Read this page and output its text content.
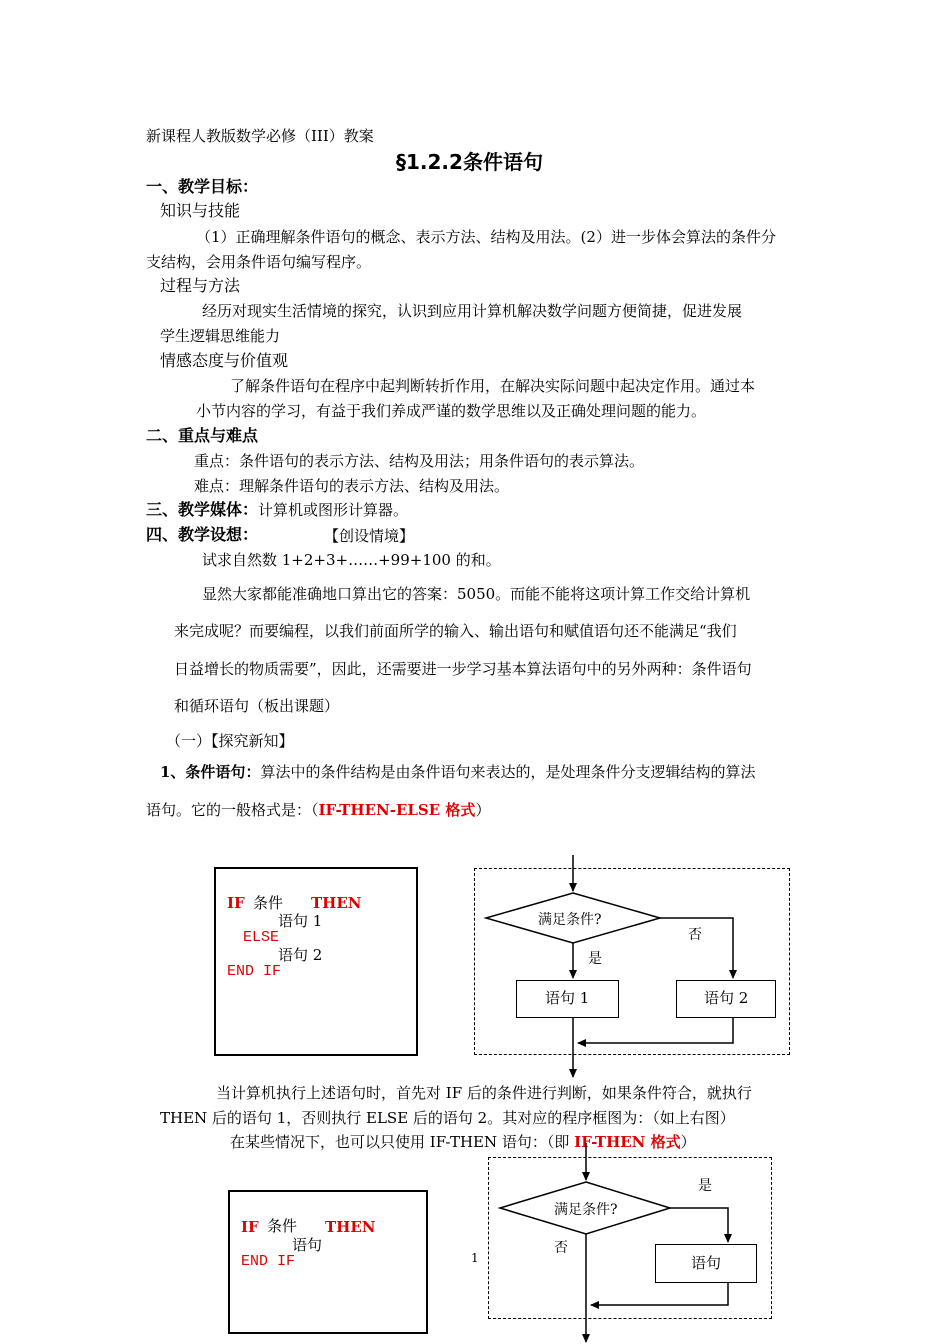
新课程人教版数学必修（III）教案
§1.2.2条件语句
一、教学目标：
知识与技能
（1）正确理解条件语句的概念、表示方法、结构及用法。(2）进一步体会算法的条件分
支结构，会用条件语句编写程序。
过程与方法
经历对现实生活情境的探究，认识到应用计算机解决数学问题方便简捷，促进发展
学生逻辑思维能力
情感态度与价值观
了解条件语句在程序中起判断转折作用，在解决实际问题中起决定作用。通过本
小节内容的学习，有益于我们养成严谨的数学思维以及正确处理问题的能力。
二、重点与难点
重点：条件语句的表示方法、结构及用法；用条件语句的表示算法。
难点：理解条件语句的表示方法、结构及用法。
三、教学媒体：计算机或图形计算器。
四、教学设想：	【创设情境】
试求自然数 1+2+3+……+99+100 的和。
显然大家都能准确地口算出它的答案：5050。而能不能将这项计算工作交给计算机
来完成呢？而要编程，以我们前面所学的输入、输出语句和赋值语句还不能满足“我们
日益增长的物质需要”，因此，还需要进一步学习基本算法语句中的另外两种：条件语句
和循环语句（板出课题）
（一）【探究新知】
1、条件语句：算法中的条件结构是由条件语句来表达的，是处理条件分支逻辑结构的算法
语句。它的一般格式是：（IF-THEN-ELSE 格式）
IF 条件 THEN
语句 1
ELSE
语句 2
END IF
满足条件?
否
是
语句 1	语句 2
当计算机执行上述语句时，首先对 IF 后的条件进行判断，如果条件符合，就执行
THEN 后的语句 1，否则执行 ELSE 后的语句 2。其对应的程序框图为：（如上右图）
在某些情况下，也可以只使用 IF-THEN 语句：（即 IF-THEN 格式）
IF 条件 THEN
语句
END IF
满足条件?
是
否
语句
1
